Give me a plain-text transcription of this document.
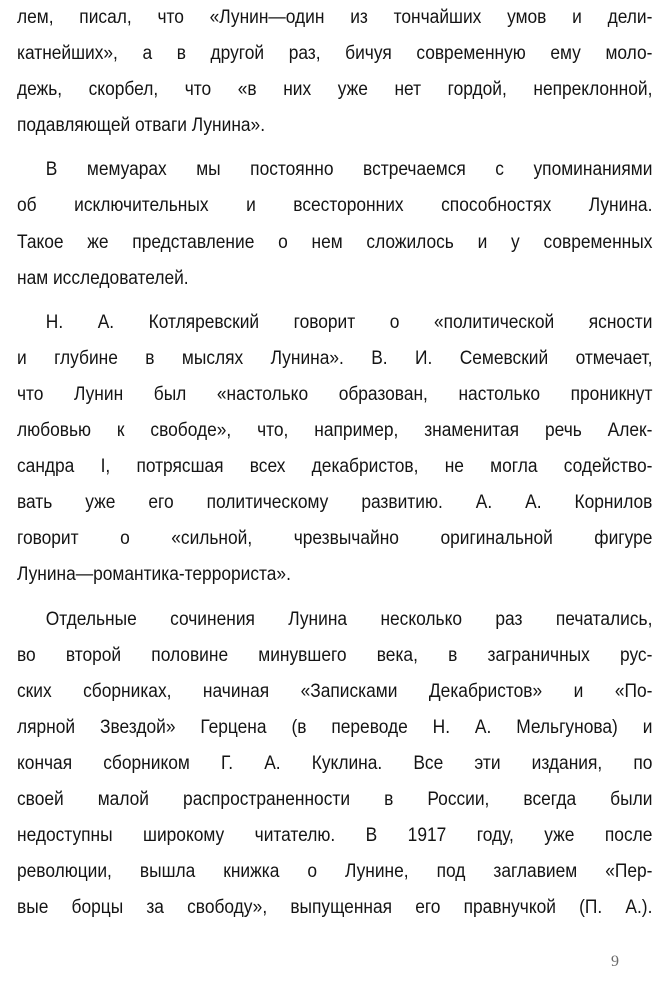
лем, писал, что «Лунин—один из тончайших умов и дели-
катнейших», а в другой раз, бичуя современную ему моло-
дежь, скорбел, что «в них уже нет гордой, непреклонной,
подавляющей отваги Лунина».
В мемуарах мы постоянно встречаемся с упоминаниями
об исключительных и всесторонних способностях Лунина.
Такое же представление о нем сложилось и у современных
нам исследователей.
Н. А. Котляревский говорит о «политической ясности
и глубине в мыслях Лунина». В. И. Семевский отмечает,
что Лунин был «настолько образован, настолько проникнут
любовью к свободе», что, например, знаменитая речь Алек-
сандра I, потрясшая всех декабристов, не могла содейство-
вать уже его политическому развитию. А. А. Корнилов
говорит о «сильной, чрезвычайно оригинальной фигуре
Лунина—романтика-террориста».
Отдельные сочинения Лунина несколько раз печатались,
во второй половине минувшего века, в заграничных рус-
ских сборниках, начиная «Записками Декабристов» и «По-
лярной Звездой» Герцена (в переводе Н. А. Мельгунова) и
кончая сборником Г. А. Куклина. Все эти издания, по
своей малой распространенности в России, всегда были
недоступны широкому читателю. В 1917 году, уже после
революции, вышла книжка о Лунине, под заглавием «Пер-
вые борцы за свободу», выпущенная его правнучкой (П. А.).
9
